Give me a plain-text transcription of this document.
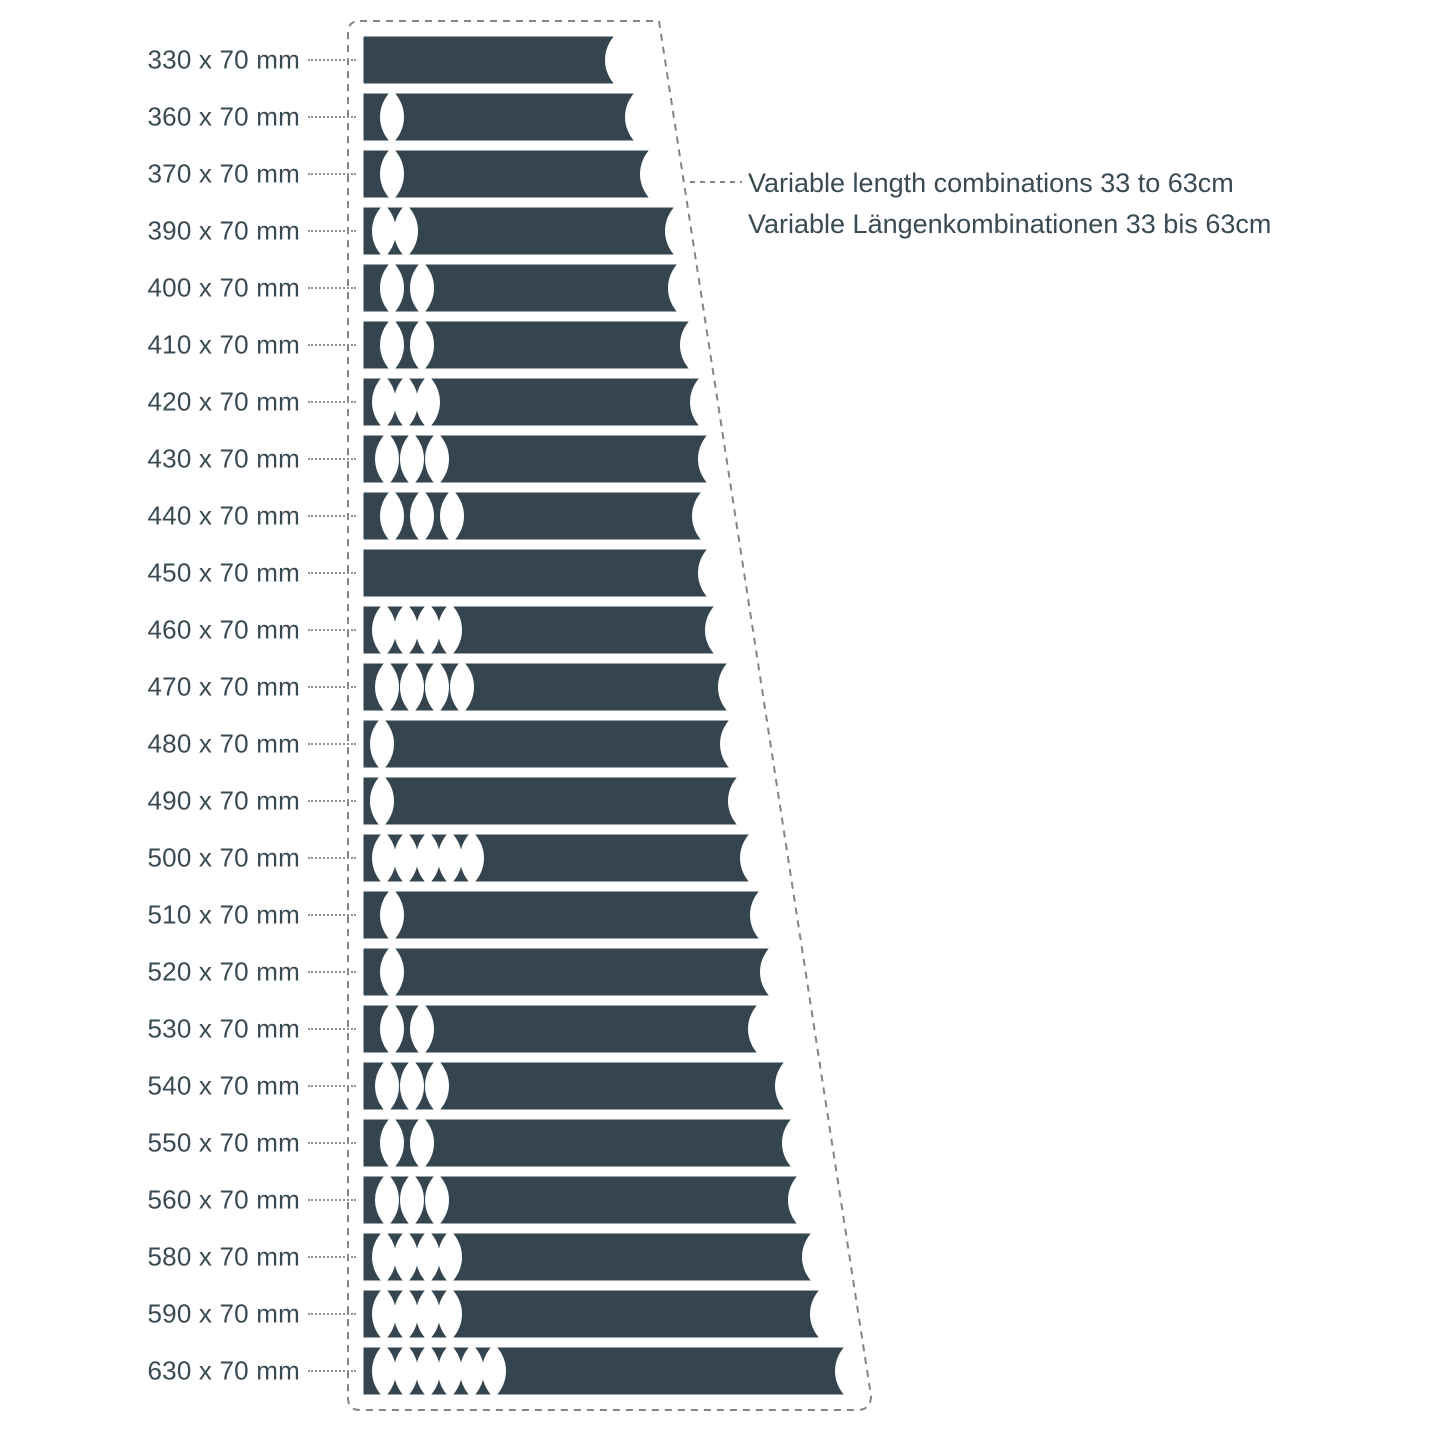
330 x 70 mm
360 x 70 mm
370 x 70 mm
390 x 70 mm
400 x 70 mm
410 x 70 mm
420 x 70 mm
430 x 70 mm
440 x 70 mm
450 x 70 mm
460 x 70 mm
470 x 70 mm
480 x 70 mm
490 x 70 mm
500 x 70 mm
510 x 70 mm
520 x 70 mm
530 x 70 mm
540 x 70 mm
550 x 70 mm
560 x 70 mm
580 x 70 mm
590 x 70 mm
630 x 70 mm
Variable length combinations 33 to 63cm
Variable Längenkombinationen 33 bis 63cm
